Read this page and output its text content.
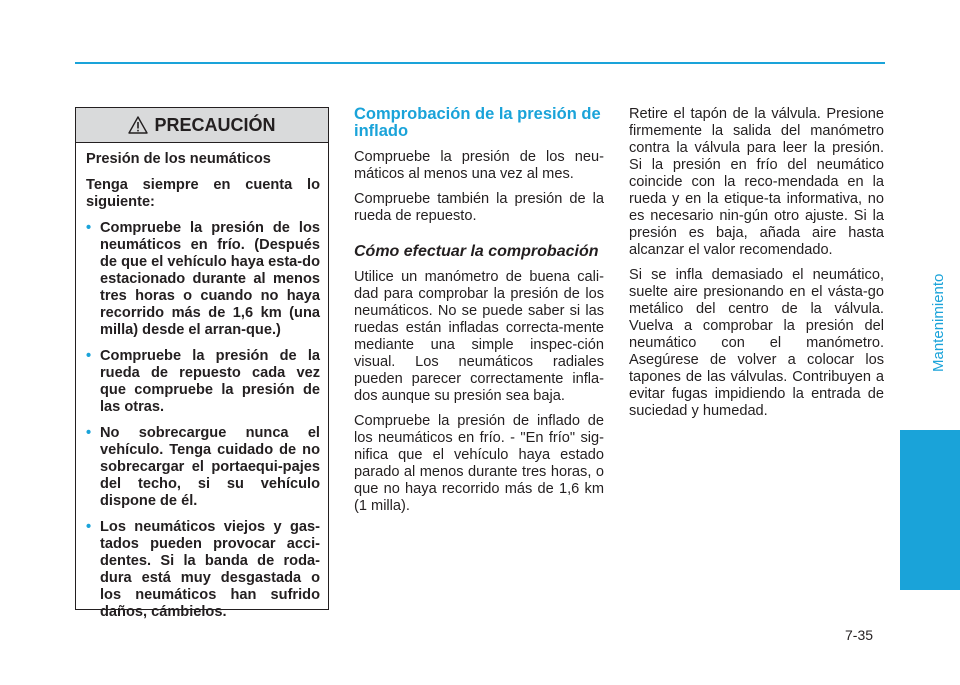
Mantenimiento
PRECAUCIÓN

Presión de los neumáticos

Tenga siempre en cuenta lo siguiente:

• Compruebe la presión de los neumáticos en frío. (Después de que el vehículo haya esta-do estacionado durante al menos tres horas o cuando no haya recorrido más de 1,6 km (una milla) desde el arran-que.)
• Compruebe la presión de la rueda de repuesto cada vez que compruebe la presión de las otras.
• No sobrecargue nunca el vehículo. Tenga cuidado de no sobrecargar el portaequi-pajes del techo, si su vehículo dispone de él.
• Los neumáticos viejos y gas-tados pueden provocar acci-dentes. Si la banda de roda-dura está muy desgastada o los neumáticos han sufrido daños, cámbielos.
Comprobación de la presión de inflado

Compruebe la presión de los neu-máticos al menos una vez al mes.

Compruebe también la presión de la rueda de repuesto.

Cómo efectuar la comprobación

Utilice un manómetro de buena cali-dad para comprobar la presión de los neumáticos. No se puede saber si las ruedas están infladas correcta-mente mediante una simple inspec-ción visual. Los neumáticos radiales pueden parecer correctamente infla-dos aunque su presión sea baja.

Compruebe la presión de inflado de los neumáticos en frío. - "En frío" sig-nifica que el vehículo haya estado parado al menos durante tres horas, o que no haya recorrido más de 1,6 km (1 milla).

Retire el tapón de la válvula. Presione firmemente la salida del manómetro contra la válvula para leer la presión. Si la presión en frío del neumático coincide con la reco-mendada en la rueda y en la etique-ta informativa, no es necesario nin-gún otro ajuste. Si la presión es baja, añada aire hasta alcanzar el valor recomendado.

Si se infla demasiado el neumático, suelte aire presionando en el vásta-go metálico del centro de la válvula. Vuelva a comprobar la presión del neumático con el manómetro. Asegúrese de volver a colocar los tapones de las válvulas. Contribuyen a evitar fugas impidiendo la entrada de suciedad y humedad.

7-35
